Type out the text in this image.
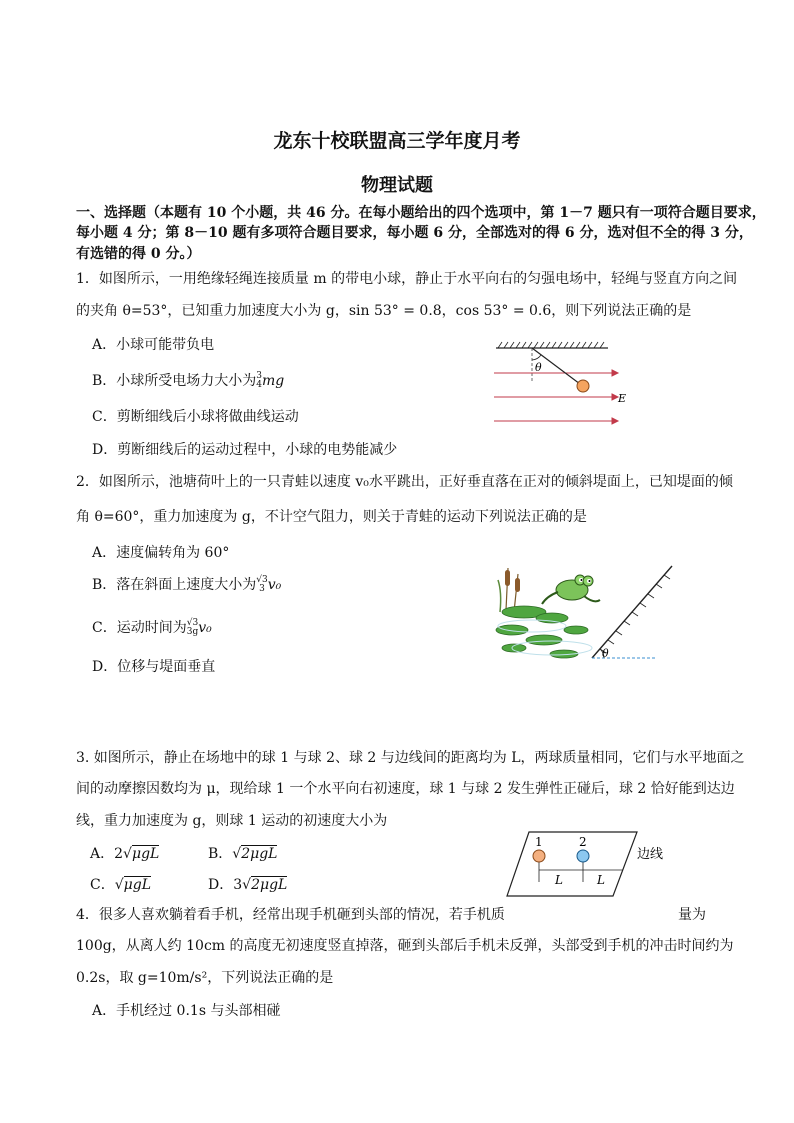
龙东十校联盟高三学年度月考
物理试题
一、选择题（本题有 10 个小题，共 46 分。在每小题给出的四个选项中，第 1－7 题只有一项符合题目要求，
每小题 4 分；第 8－10 题有多项符合题目要求，每小题 6 分，全部选对的得 6 分，选对但不全的得 3 分，
有选错的得 0 分。）
1．如图所示，一用绝缘轻绳连接质量 m 的带电小球，静止于水平向右的匀强电场中，轻绳与竖直方向之间
的夹角 θ=53°，已知重力加速度大小为 g，sin 53° = 0.8，cos 53° = 0.6，则下列说法正确的是
A．小球可能带负电
B．小球所受电场力大小为 3
4 mg
C．剪断细线后小球将做曲线运动
D．剪断细线后的运动过程中，小球的电势能减少
θ
E
2．如图所示，池塘荷叶上的一只青蛙以速度 v₀水平跳出，正好垂直落在正对的倾斜堤面上，已知堤面的倾
角 θ=60°，重力加速度为 g，不计空气阻力，则关于青蛙的运动下列说法正确的是
A．速度偏转角为 60°
B．落在斜面上速度大小为 √3
3 v₀
C．运动时间为 √3
3g v₀
D．位移与堤面垂直
θ
3. 如图所示，静止在场地中的球 1 与球 2、球 2 与边线间的距离均为 L，两球质量相同，它们与水平地面之
间的动摩擦因数均为 μ，现给球 1 一个水平向右初速度，球 1 与球 2 发生弹性正碰后，球 2 恰好能到达边
线，重力加速度为 g，则球 1 运动的初速度大小为
A．2√μgL	B．√2μgL
C．√μgL	D．3√2μgL
1	2
L	L
边线
4．很多人喜欢躺着看手机，经常出现手机砸到头部的情况，若手机质	量为
100g，从离人约 10cm 的高度无初速度竖直掉落，砸到头部后手机未反弹，头部受到手机的冲击时间约为
0.2s，取 g=10m/s²，下列说法正确的是
A．手机经过 0.1s 与头部相碰
